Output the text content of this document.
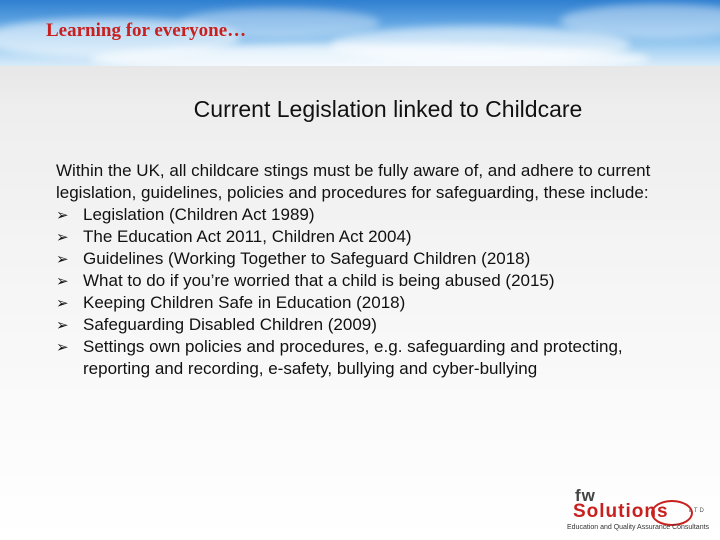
Learning for everyone…

Current Legislation linked to Childcare

Within the UK, all childcare stings must be fully aware of, and adhere to current legislation, guidelines, policies and procedures for safeguarding, these include:

➢ Legislation (Children Act 1989)
➢ The Education Act 2011, Children Act 2004)
➢ Guidelines (Working Together to Safeguard Children (2018)
➢ What to do if you’re worried that a child is being abused (2015)
➢ Keeping Children Safe in Education (2018)
➢ Safeguarding Disabled Children (2009)
➢ Settings own policies and procedures, e.g. safeguarding and protecting, reporting and recording, e-safety, bullying and cyber-bullying
fw
Solutions	LTD
Education and Quality Assurance Consultants
